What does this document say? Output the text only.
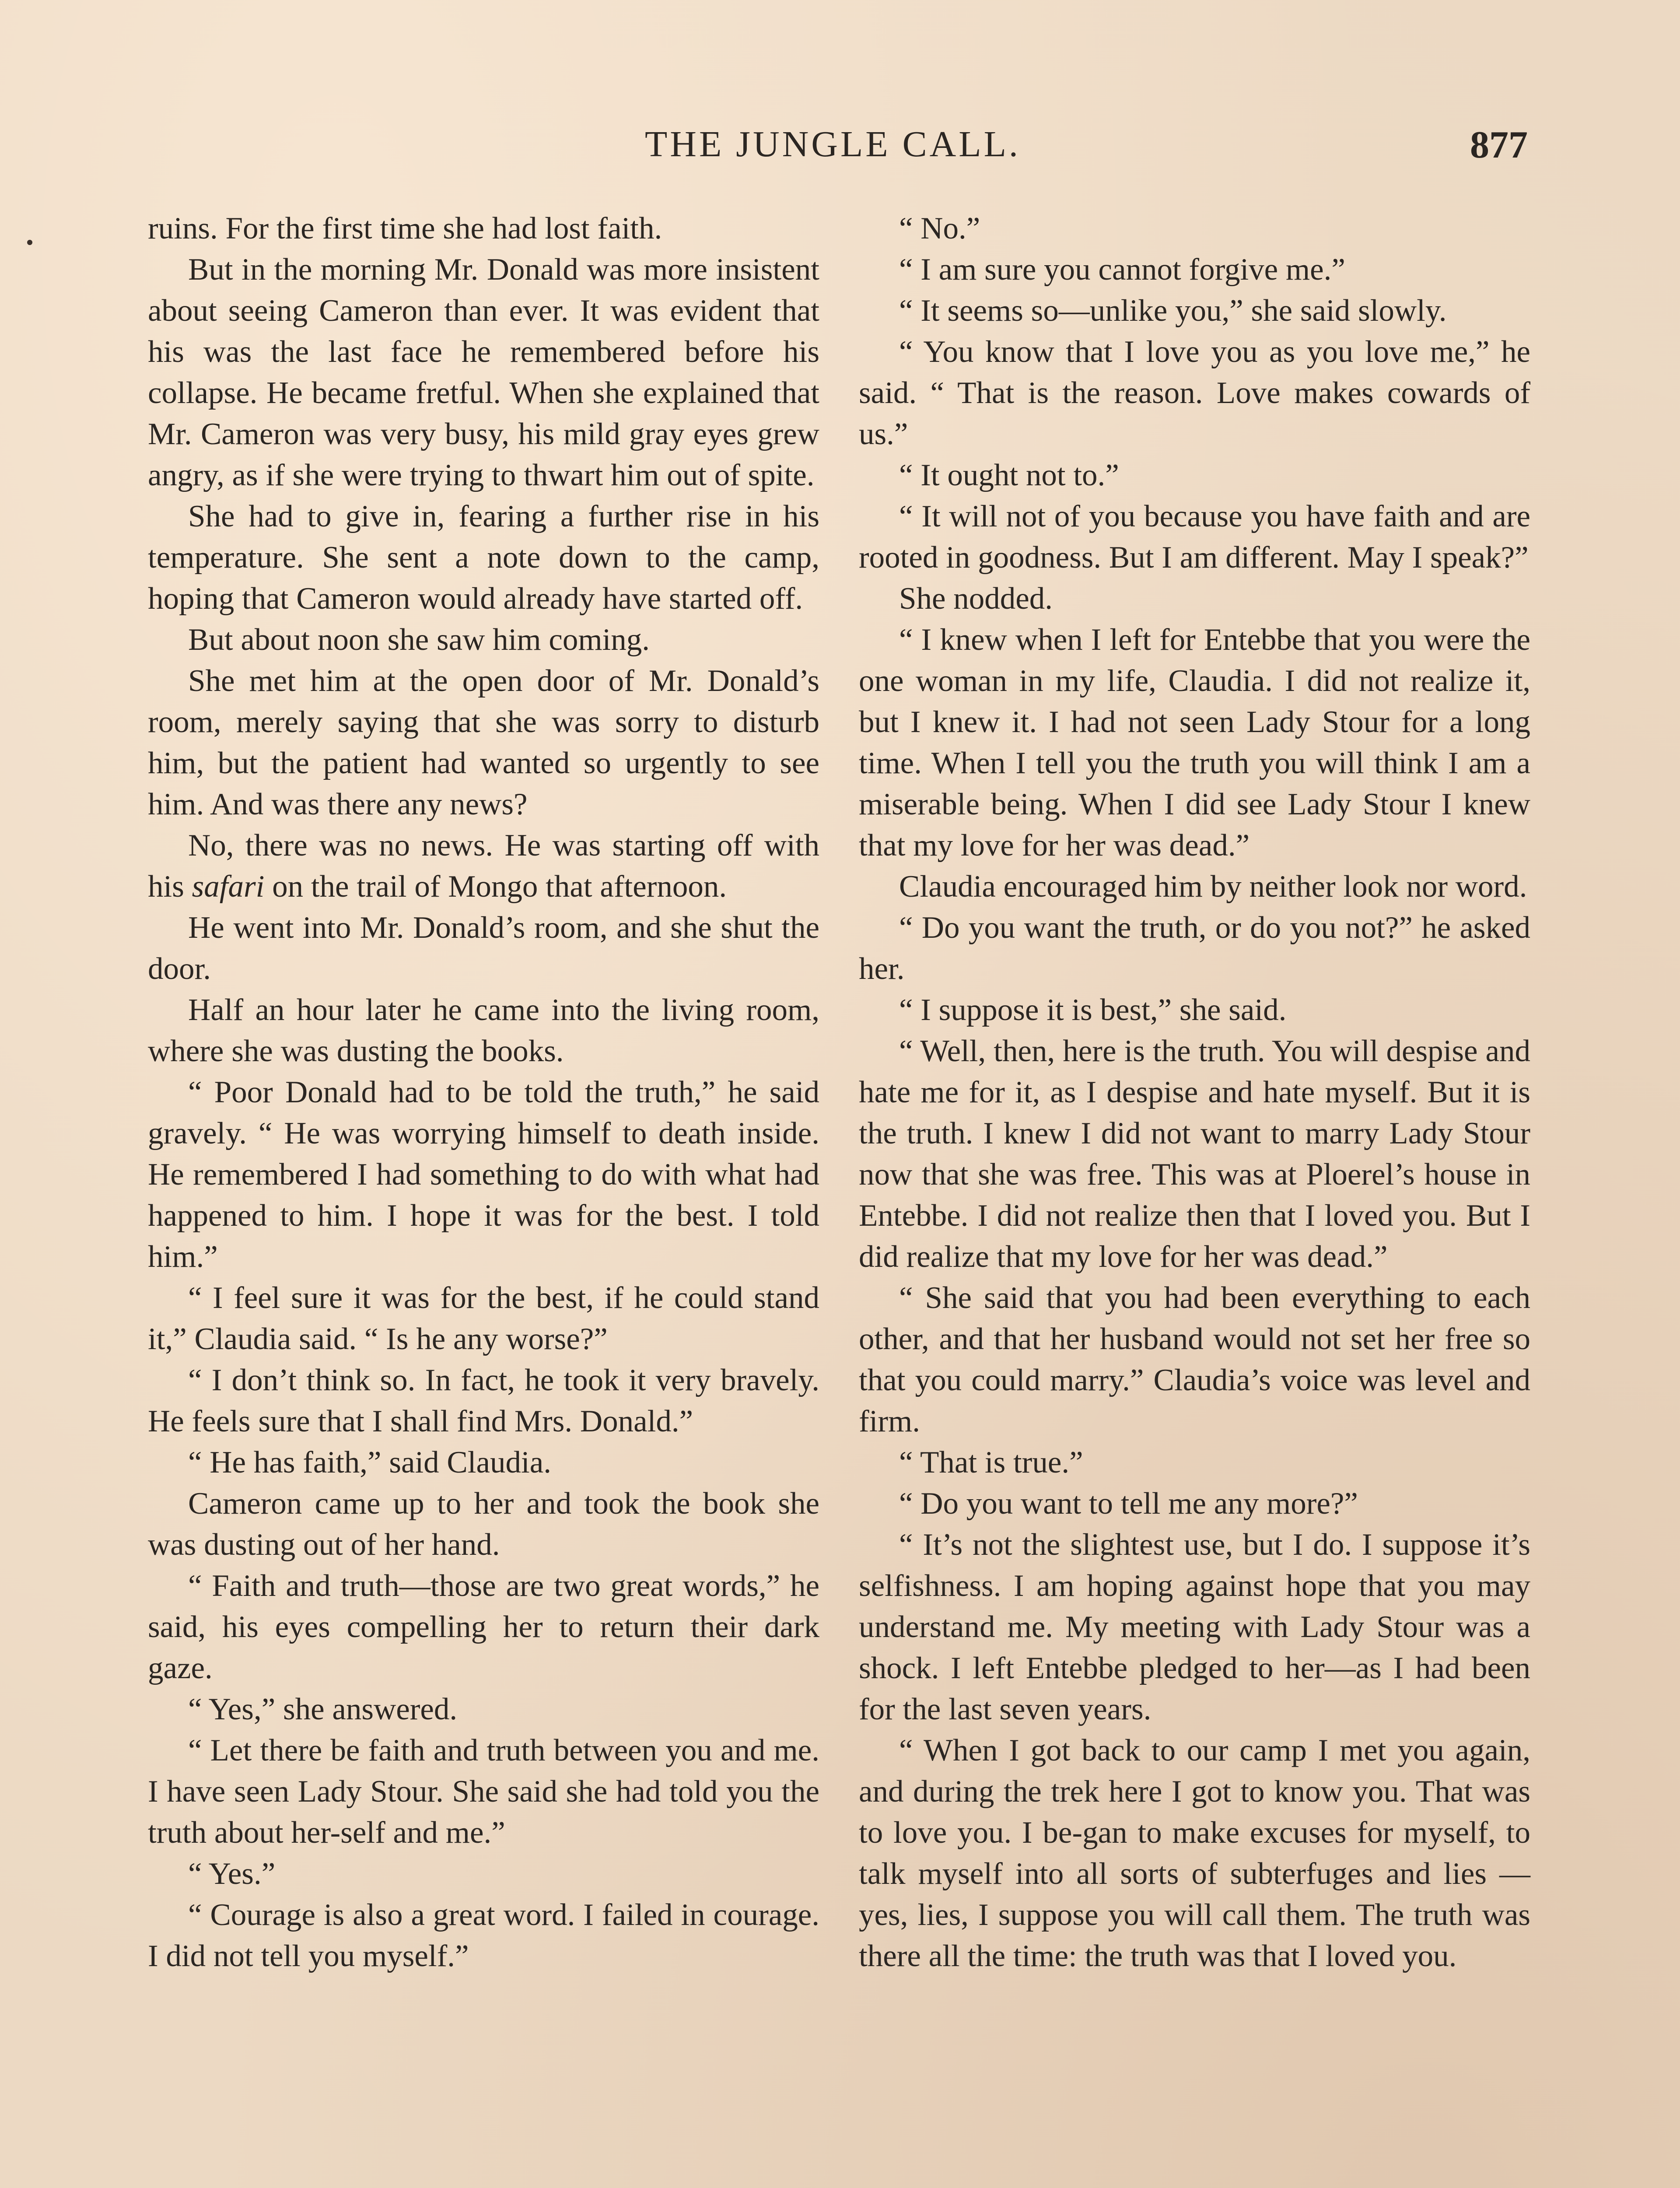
THE JUNGLE CALL.	877

ruins. For the first time she had lost faith.

But in the morning Mr. Donald was more insistent about seeing Cameron than ever. It was evident that his was the last face he remembered before his collapse. He became fretful. When she explained that Mr. Cameron was very busy, his mild gray eyes grew angry, as if she were trying to thwart him out of spite.

She had to give in, fearing a further rise in his temperature. She sent a note down to the camp, hoping that Cameron would already have started off.

But about noon she saw him coming.

She met him at the open door of Mr. Donald’s room, merely saying that she was sorry to disturb him, but the patient had wanted so urgently to see him. And was there any news?

No, there was no news. He was starting off with his safari on the trail of Mongo that afternoon.

He went into Mr. Donald’s room, and she shut the door.

Half an hour later he came into the living room, where she was dusting the books.

“ Poor Donald had to be told the truth,” he said gravely. “ He was worrying himself to death inside. He remembered I had something to do with what had happened to him. I hope it was for the best. I told him.”

“ I feel sure it was for the best, if he could stand it,” Claudia said. “ Is he any worse?”

“ I don’t think so. In fact, he took it very bravely. He feels sure that I shall find Mrs. Donald.”

“ He has faith,” said Claudia.

Cameron came up to her and took the book she was dusting out of her hand.

“ Faith and truth—those are two great words,” he said, his eyes compelling her to return their dark gaze.

“ Yes,” she answered.

“ Let there be faith and truth between you and me. I have seen Lady Stour. She said she had told you the truth about her-self and me.”

“ Yes.”

“ Courage is also a great word. I failed in courage. I did not tell you myself.”

“ No.”

“ I am sure you cannot forgive me.”

“ It seems so—unlike you,” she said slowly.

“ You know that I love you as you love me,” he said. “ That is the reason. Love makes cowards of us.”

“ It ought not to.”

“ It will not of you because you have faith and are rooted in goodness. But I am different. May I speak?”

She nodded.

“ I knew when I left for Entebbe that you were the one woman in my life, Claudia. I did not realize it, but I knew it. I had not seen Lady Stour for a long time. When I tell you the truth you will think I am a miserable being. When I did see Lady Stour I knew that my love for her was dead.”

Claudia encouraged him by neither look nor word.

“ Do you want the truth, or do you not?” he asked her.

“ I suppose it is best,” she said.

“ Well, then, here is the truth. You will despise and hate me for it, as I despise and hate myself. But it is the truth. I knew I did not want to marry Lady Stour now that she was free. This was at Ploerel’s house in Entebbe. I did not realize then that I loved you. But I did realize that my love for her was dead.”

“ She said that you had been everything to each other, and that her husband would not set her free so that you could marry.” Claudia’s voice was level and firm.

“ That is true.”

“ Do you want to tell me any more?”

“ It’s not the slightest use, but I do. I suppose it’s selfishness. I am hoping against hope that you may understand me. My meeting with Lady Stour was a shock. I left Entebbe pledged to her—as I had been for the last seven years.

“ When I got back to our camp I met you again, and during the trek here I got to know you. That was to love you. I be-gan to make excuses for myself, to talk myself into all sorts of subterfuges and lies —yes, lies, I suppose you will call them. The truth was there all the time: the truth was that I loved you.
